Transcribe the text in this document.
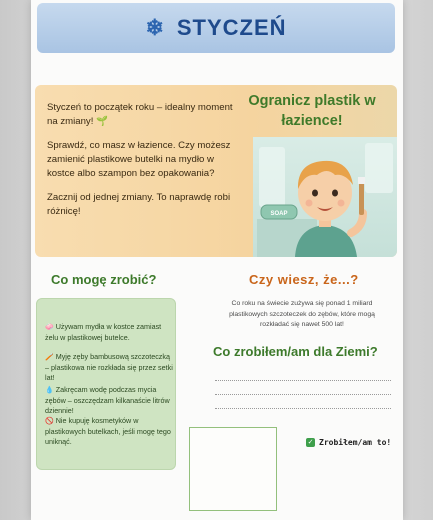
❄ STYCZEŃ

Styczeń to początek roku – idealny moment na zmiany! 🌱

Sprawdź, co masz w łazience. Czy możesz zamienić plastikowe butelki na mydło w kostce albo szampon bez opakowania?

Zacznij od jednej zmiany. To naprawdę robi różnicę!

Ogranicz plastik w łazience!
SOAP
Co mogę zrobić?	Czy wiesz, że...?
🧼 Używam mydła w kostce zamiast żelu w plastikowej butelce.
🪥 Myję zęby bambusową szczoteczką – plastikowa nie rozkłada się przez setki lat!
💧 Zakręcam wodę podczas mycia zębów – oszczędzam kilkanaście litrów dziennie!
🚫 Nie kupuję kosmetyków w plastikowych butelkach, jeśli mogę tego uniknąć.
Co roku na świecie zużywa się ponad 1 miliard plastikowych szczoteczek do zębów, które mogą rozkładać się nawet 500 lat!
Co zrobiłem/am dla Ziemi?
✓ Zrobiłem/am to!
